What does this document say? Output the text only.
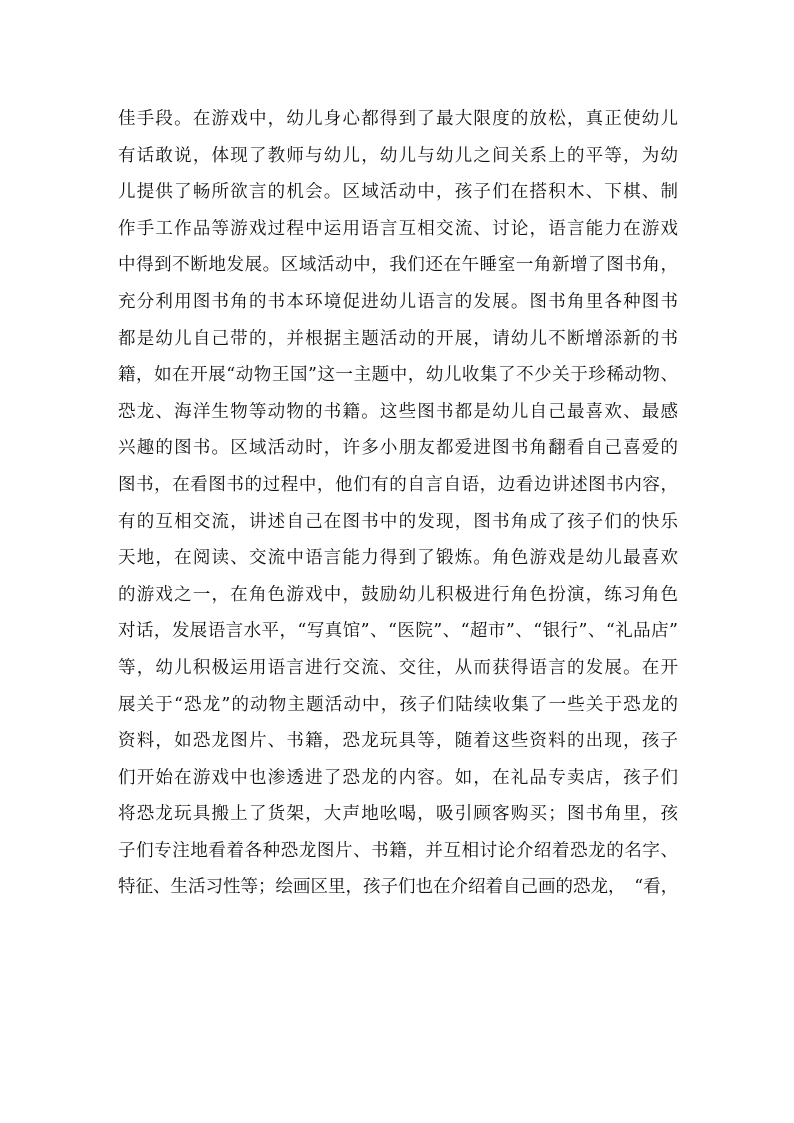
佳手段。在游戏中，幼儿身心都得到了最大限度的放松，真正使幼儿
有话敢说，体现了教师与幼儿，幼儿与幼儿之间关系上的平等，为幼
儿提供了畅所欲言的机会。区域活动中，孩子们在搭积木、下棋、制
作手工作品等游戏过程中运用语言互相交流、讨论，语言能力在游戏
中得到不断地发展。区域活动中，我们还在午睡室一角新增了图书角，
充分利用图书角的书本环境促进幼儿语言的发展。图书角里各种图书
都是幼儿自己带的，并根据主题活动的开展，请幼儿不断增添新的书
籍，如在开展“动物王国”这一主题中，幼儿收集了不少关于珍稀动物、
恐龙、海洋生物等动物的书籍。这些图书都是幼儿自己最喜欢、最感
兴趣的图书。区域活动时，许多小朋友都爱进图书角翻看自己喜爱的
图书，在看图书的过程中，他们有的自言自语，边看边讲述图书内容，
有的互相交流，讲述自己在图书中的发现，图书角成了孩子们的快乐
天地，在阅读、交流中语言能力得到了锻炼。角色游戏是幼儿最喜欢
的游戏之一，在角色游戏中，鼓励幼儿积极进行角色扮演，练习角色
对话，发展语言水平，“写真馆”、“医院”、“超市”、“银行”、“礼品店”
等，幼儿积极运用语言进行交流、交往，从而获得语言的发展。在开
展关于“恐龙”的动物主题活动中，孩子们陆续收集了一些关于恐龙的
资料，如恐龙图片、书籍，恐龙玩具等，随着这些资料的出现，孩子
们开始在游戏中也渗透进了恐龙的内容。如，在礼品专卖店，孩子们
将恐龙玩具搬上了货架，大声地吆喝，吸引顾客购买；图书角里，孩
子们专注地看着各种恐龙图片、书籍，并互相讨论介绍着恐龙的名字、
特征、生活习性等；绘画区里，孩子们也在介绍着自己画的恐龙，　“看，
